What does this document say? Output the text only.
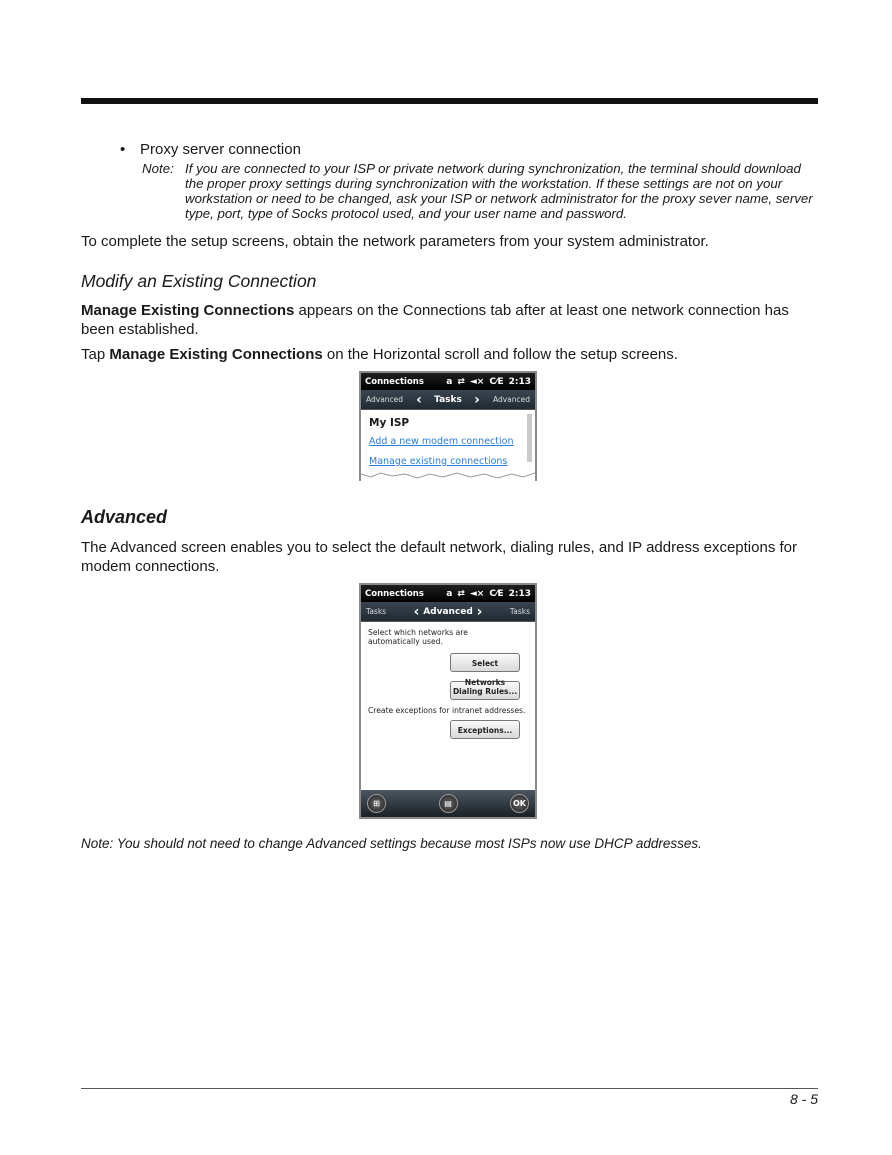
• Proxy server connection
Note: If you are connected to your ISP or private network during synchronization, the terminal should download the proper proxy settings during synchronization with the workstation. If these settings are not on your workstation or need to be changed, ask your ISP or network administrator for the proxy sever name, server type, port, type of Socks protocol used, and your user name and password.
To complete the setup screens, obtain the network parameters from your system administrator.
Modify an Existing Connection
Manage Existing Connections appears on the Connections tab after at least one network connection has been established.
Tap Manage Existing Connections on the Horizontal scroll and follow the setup screens.
Connections	a ⇄ ◄× C⁄E 2:13
Advanced ‹	Tasks ›	Advanced
My ISP
Add a new modem connection
Manage existing connections
Advanced
The Advanced screen enables you to select the default network, dialing rules, and IP address exceptions for modem connections.
Connections	a ⇄ ◄× C⁄E 2:13
Tasks	‹ Advanced ›	Tasks
Select which networks are automatically used.
Select
Dialing Rules...
Create exceptions for intranet addresses.
Exceptions...
⊞	▤	OK
Note: You should not need to change Advanced settings because most ISPs now use DHCP addresses.
8 - 5
